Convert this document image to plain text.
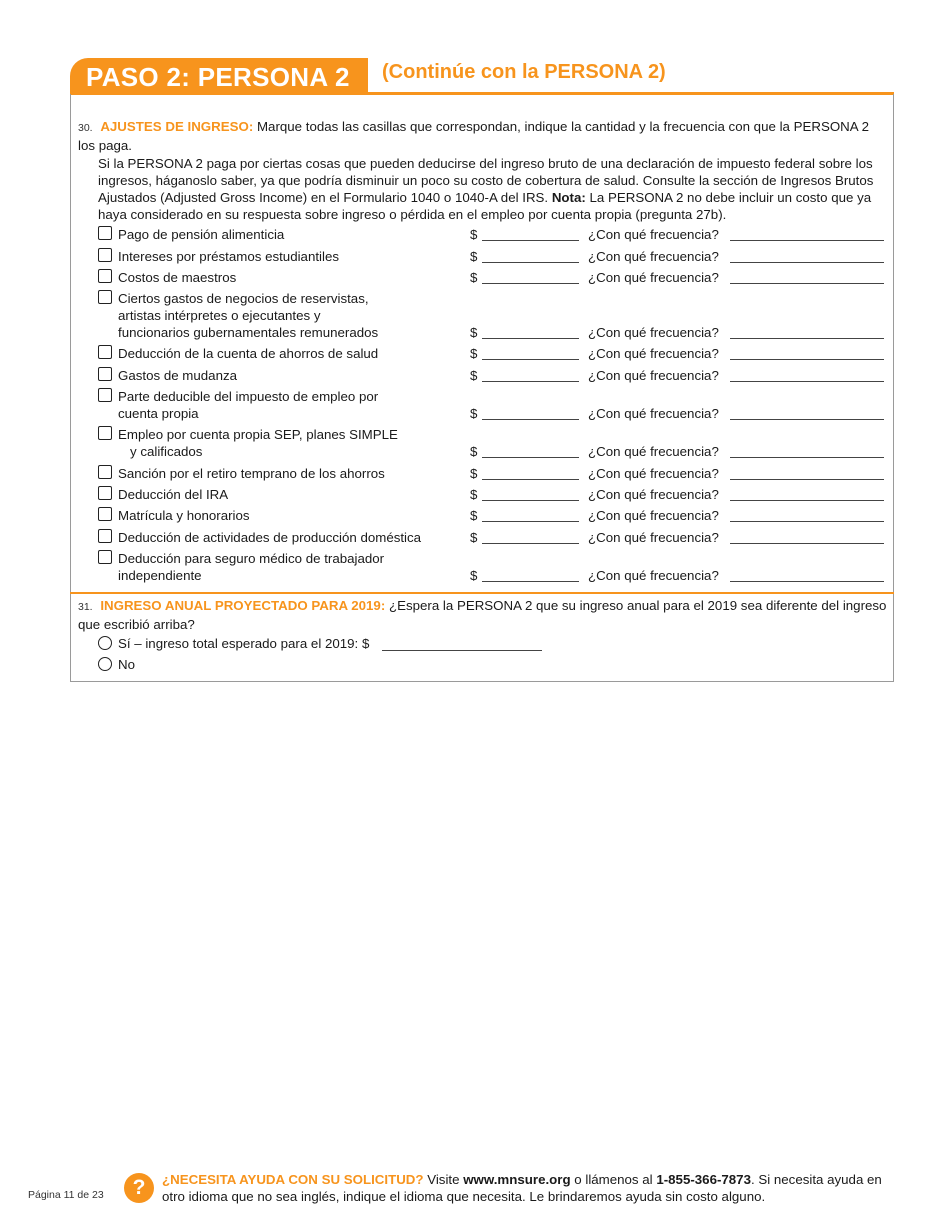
PASO 2: PERSONA 2	(Continúe con la PERSONA 2)
30. AJUSTES DE INGRESO: Marque todas las casillas que correspondan, indique la cantidad y la frecuencia con que la PERSONA 2 los paga.
Si la PERSONA 2 paga por ciertas cosas que pueden deducirse del ingreso bruto de una declaración de impuesto federal sobre los ingresos, háganoslo saber, ya que podría disminuir un poco su costo de cobertura de salud. Consulte la sección de Ingresos Brutos Ajustados (Adjusted Gross Income) en el Formulario 1040 o 1040-A del IRS. Nota: La PERSONA 2 no debe incluir un costo que ya haya considerado en su respuesta sobre ingreso o pérdida en el empleo por cuenta propia (pregunta 27b).
Pago de pensión alimenticia	$	¿Con qué frecuencia?
Intereses por préstamos estudiantiles	$	¿Con qué frecuencia?
Costos de maestros	$	¿Con qué frecuencia?
Ciertos gastos de negocios de reservistas,
artistas intérpretes o ejecutantes y
funcionarios gubernamentales remunerados	$	¿Con qué frecuencia?
Deducción de la cuenta de ahorros de salud	$	¿Con qué frecuencia?
Gastos de mudanza	$	¿Con qué frecuencia?
Parte deducible del impuesto de empleo por
cuenta propia	$	¿Con qué frecuencia?
Empleo por cuenta propia SEP, planes SIMPLE
y calificados	$	¿Con qué frecuencia?
Sanción por el retiro temprano de los ahorros	$	¿Con qué frecuencia?
Deducción del IRA	$	¿Con qué frecuencia?
Matrícula y honorarios	$	¿Con qué frecuencia?
Deducción de actividades de producción doméstica	$	¿Con qué frecuencia?
Deducción para seguro médico de trabajador
independiente	$	¿Con qué frecuencia?
31. INGRESO ANUAL PROYECTADO PARA 2019: ¿Espera la PERSONA 2 que su ingreso anual para el 2019 sea diferente del ingreso que escribió arriba?
Sí – ingreso total esperado para el 2019: $
No
Página 11 de 23	?	¿NECESITA AYUDA CON SU SOLICITUD? Visite www.mnsure.org o llámenos al 1-855-366-7873. Si necesita ayuda en otro idioma que no sea inglés, indique el idioma que necesita. Le brindaremos ayuda sin costo alguno.
